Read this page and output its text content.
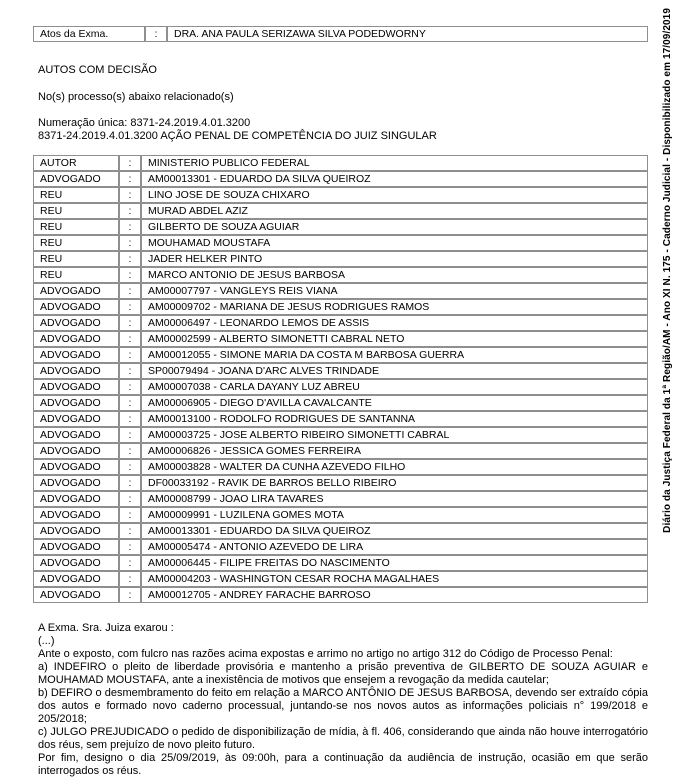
Atos da Exma.	:	DRA. ANA PAULA SERIZAWA SILVA PODEDWORNY
AUTOS COM DECISÃO
No(s) processo(s) abaixo relacionado(s)
Numeração única: 8371-24.2019.4.01.3200
8371-24.2019.4.01.3200 AÇÃO PENAL DE COMPETÊNCIA DO JUIZ SINGULAR
AUTOR	:	MINISTERIO PUBLICO FEDERAL
ADVOGADO	:	AM00013301 - EDUARDO DA SILVA QUEIROZ
REU	:	LINO JOSE DE SOUZA CHIXARO
REU	:	MURAD ABDEL AZIZ
REU	:	GILBERTO DE SOUZA AGUIAR
REU	:	MOUHAMAD MOUSTAFA
REU	:	JADER HELKER PINTO
REU	:	MARCO ANTONIO DE JESUS BARBOSA
ADVOGADO	:	AM00007797 - VANGLEYS REIS VIANA
ADVOGADO	:	AM00009702 - MARIANA DE JESUS RODRIGUES RAMOS
ADVOGADO	:	AM00006497 - LEONARDO LEMOS DE ASSIS
ADVOGADO	:	AM00002599 - ALBERTO SIMONETTI CABRAL NETO
ADVOGADO	:	AM00012055 - SIMONE MARIA DA COSTA M BARBOSA GUERRA
ADVOGADO	:	SP00079494 - JOANA D'ARC ALVES TRINDADE
ADVOGADO	:	AM00007038 - CARLA DAYANY LUZ ABREU
ADVOGADO	:	AM00006905 - DIEGO D'AVILLA CAVALCANTE
ADVOGADO	:	AM00013100 - RODOLFO RODRIGUES DE SANTANNA
ADVOGADO	:	AM00003725 - JOSE ALBERTO RIBEIRO SIMONETTI CABRAL
ADVOGADO	:	AM00006826 - JESSICA GOMES FERREIRA
ADVOGADO	:	AM00003828 - WALTER DA CUNHA AZEVEDO FILHO
ADVOGADO	:	DF00033192 - RAVIK DE BARROS BELLO RIBEIRO
ADVOGADO	:	AM00008799 - JOAO LIRA TAVARES
ADVOGADO	:	AM00009991 - LUZILENA GOMES MOTA
ADVOGADO	:	AM00013301 - EDUARDO DA SILVA QUEIROZ
ADVOGADO	:	AM00005474 - ANTONIO AZEVEDO DE LIRA
ADVOGADO	:	AM00006445 - FILIPE FREITAS DO NASCIMENTO
ADVOGADO	:	AM00004203 - WASHINGTON CESAR ROCHA MAGALHAES
ADVOGADO	:	AM00012705 - ANDREY FARACHE BARROSO
A Exma. Sra. Juiza exarou :
(...)
Ante o exposto, com fulcro nas razões acima expostas e arrimo no artigo no artigo 312 do Código de Processo Penal:
a) INDEFIRO o pleito de liberdade provisória e mantenho a prisão preventiva de GILBERTO DE SOUZA AGUIAR e MOUHAMAD MOUSTAFA, ante a inexistência de motivos que ensejem a revogação da medida cautelar;
b) DEFIRO o desmembramento do feito em relação a MARCO ANTÔNIO DE JESUS BARBOSA, devendo ser extraído cópia dos autos e formado novo caderno processual, juntando-se nos novos autos as informações policiais n° 199/2018 e 205/2018;
c) JULGO PREJUDICADO o pedido de disponibilização de mídia, à fl. 406, considerando que ainda não houve interrogatório dos réus, sem prejuízo de novo pleito futuro.
Por fim, designo o dia 25/09/2019, às 09:00h, para a continuação da audiência de instrução, ocasião em que serão interrogados os réus.
Diário da Justiça Federal da 1ª Região/AM - Ano XI N. 175 - Caderno Judicial - Disponibilizado em 17/09/2019
